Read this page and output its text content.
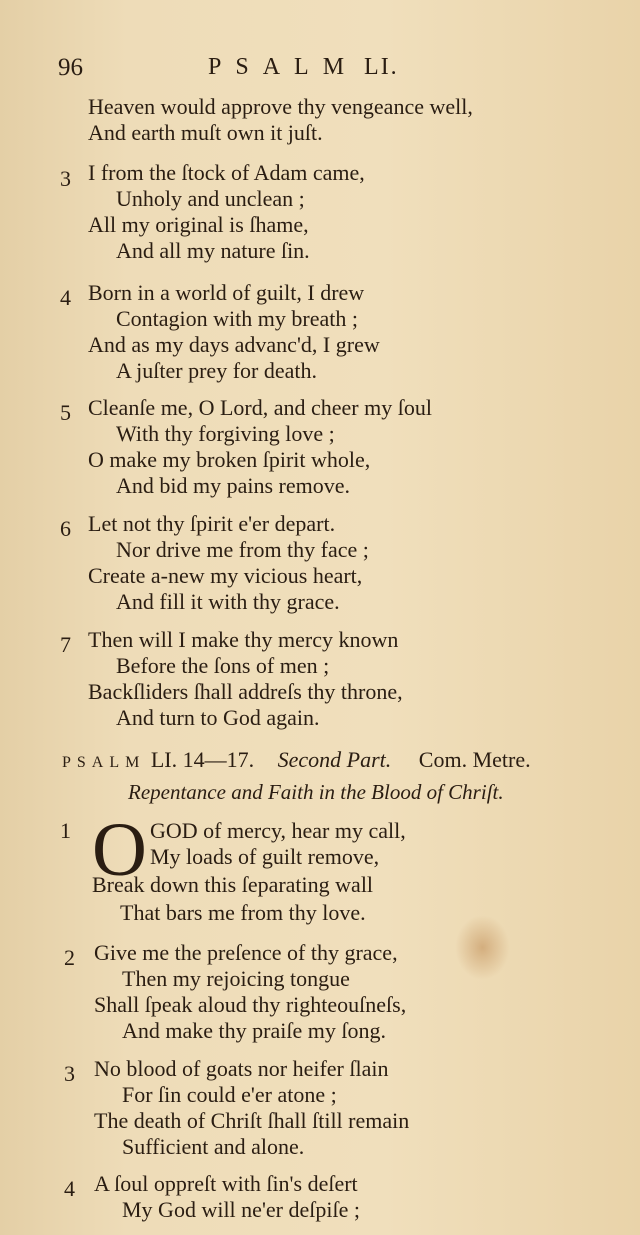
96	PSALM LI.
Heaven would approve thy vengeance well,
And earth muſt own it juſt.
3 I from the ſtock of Adam came,
Unholy and unclean ;
All my original is ſhame,
And all my nature ſin.
4 Born in a world of guilt, I drew
Contagion with my breath ;
And as my days advanc'd, I grew
A juſter prey for death.
5 Cleanſe me, O Lord, and cheer my ſoul
With thy forgiving love ;
O make my broken ſpirit whole,
And bid my pains remove.
6 Let not thy ſpirit e'er depart.
Nor drive me from thy face ;
Create a-new my vicious heart,
And fill it with thy grace.
7 Then will I make thy mercy known
Before the ſons of men ;
Backſliders ſhall addreſs thy throne,
And turn to God again.
PSALM LI. 14—17. Second Part. Com. Metre.
Repentance and Faith in the Blood of Chriſt.
1 O GOD of mercy, hear my call,
My loads of guilt remove,
Break down this ſeparating wall
That bars me from thy love.
2 Give me the preſence of thy grace,
Then my rejoicing tongue
Shall ſpeak aloud thy righteouſneſs,
And make thy praiſe my ſong.
3 No blood of goats nor heifer ſlain
For ſin could e'er atone ;
The death of Chriſt ſhall ſtill remain
Sufficient and alone.
4 A ſoul oppreſt with ſin's deſert
My God will ne'er deſpiſe ;
